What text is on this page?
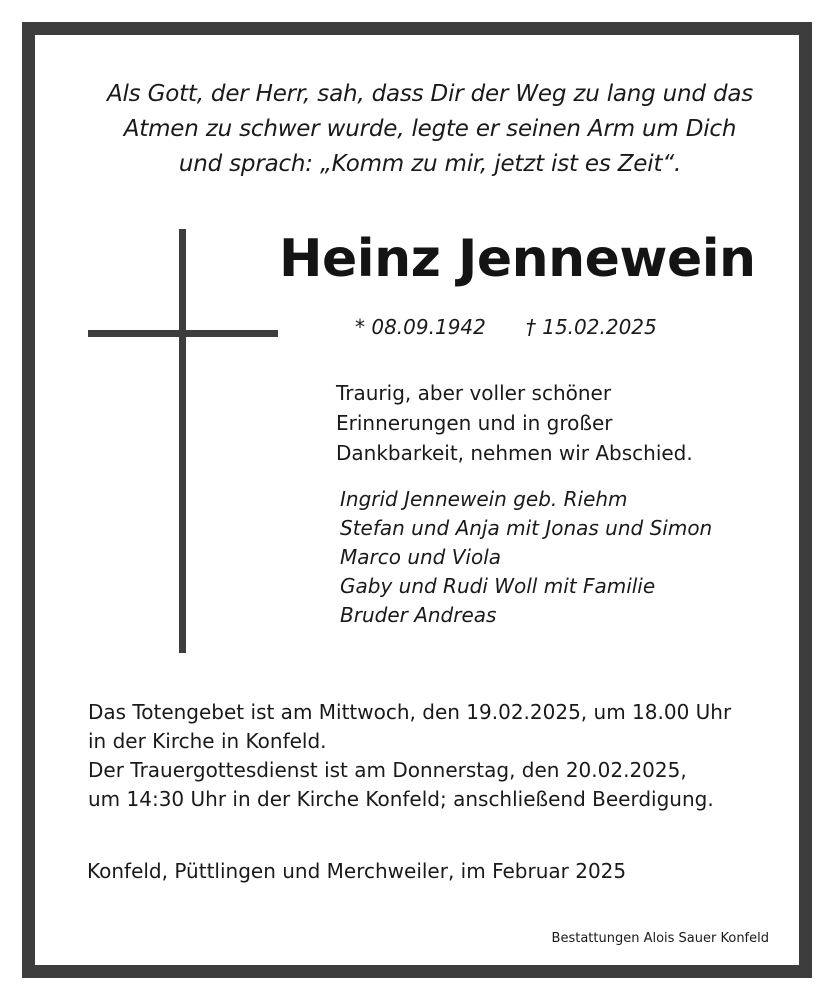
Als Gott, der Herr, sah, dass Dir der Weg zu lang und das
Atmen zu schwer wurde, legte er seinen Arm um Dich
und sprach: „Komm zu mir, jetzt ist es Zeit“.
Heinz Jennewein
* 08.09.1942 † 15.02.2025
Traurig, aber voller schöner
Erinnerungen und in großer
Dankbarkeit, nehmen wir Abschied.
Ingrid Jennewein geb. Riehm
Stefan und Anja mit Jonas und Simon
Marco und Viola
Gaby und Rudi Woll mit Familie
Bruder Andreas
Das Totengebet ist am Mittwoch, den 19.02.2025, um 18.00 Uhr
in der Kirche in Konfeld.
Der Trauergottesdienst ist am Donnerstag, den 20.02.2025,
um 14:30 Uhr in der Kirche Konfeld; anschließend Beerdigung.
Konfeld, Püttlingen und Merchweiler, im Februar 2025
Bestattungen Alois Sauer Konfeld
